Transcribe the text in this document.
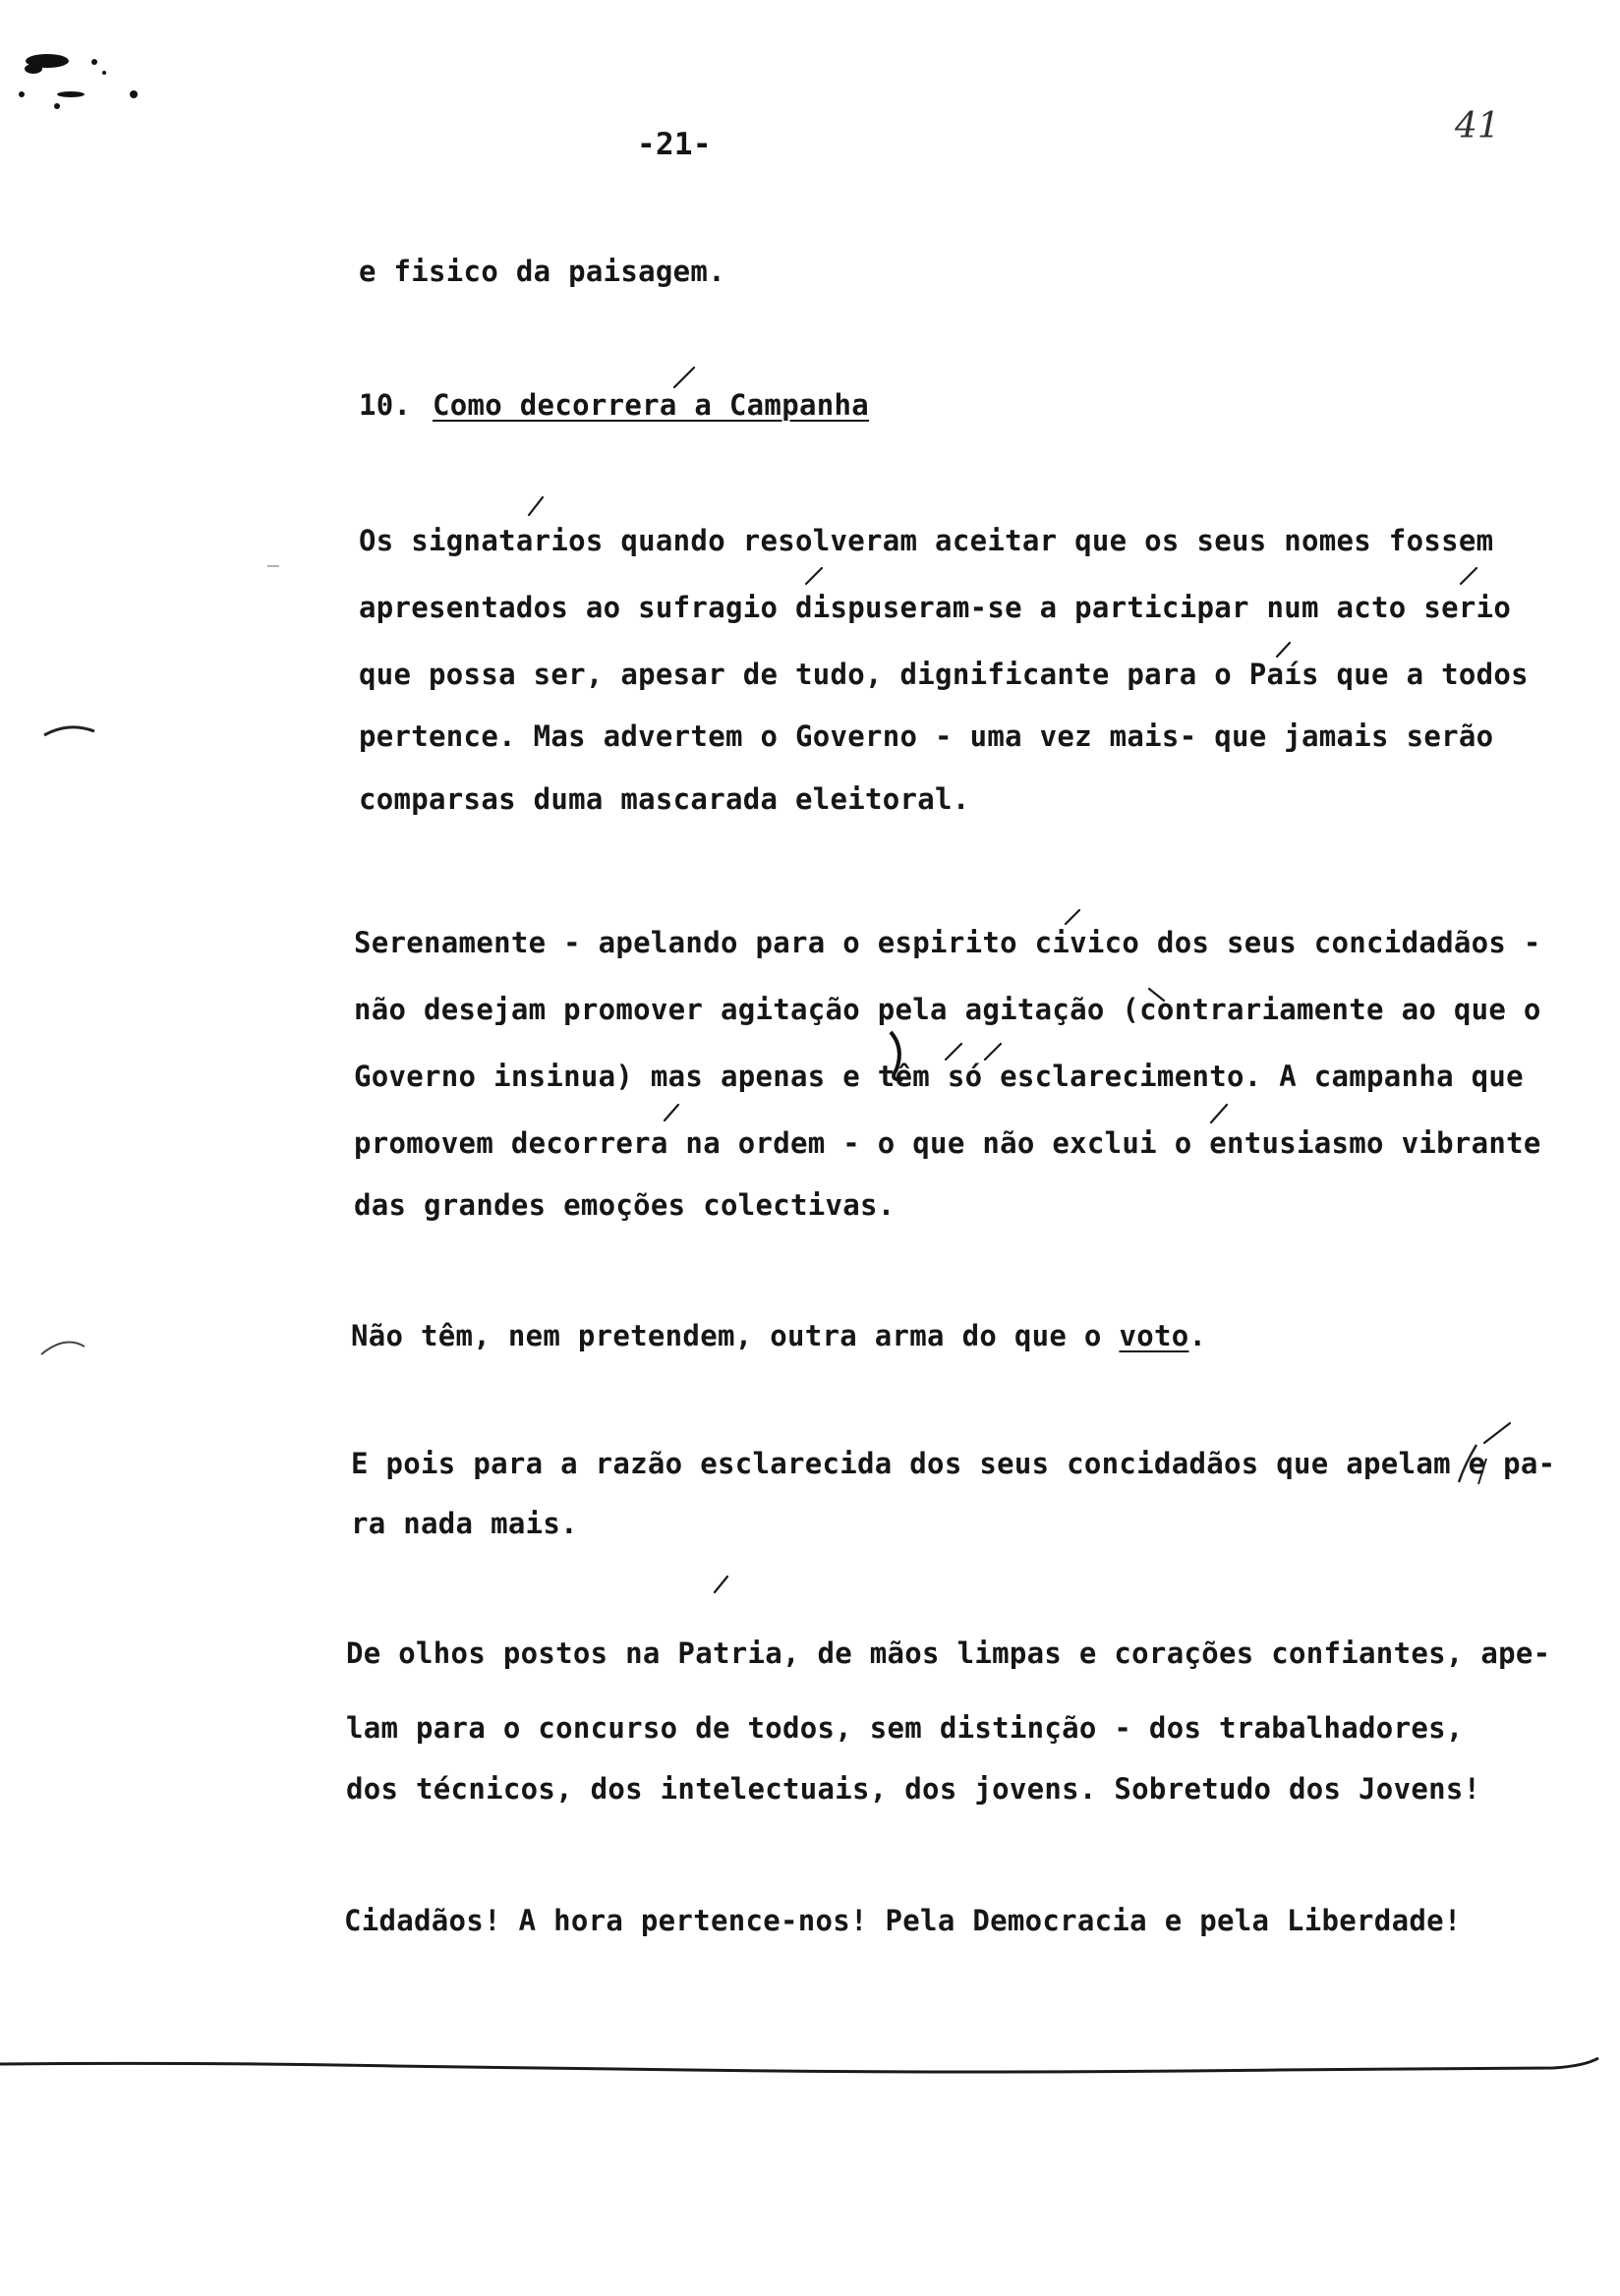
-21-	41
e fisico da paisagem.
10. Como decorrera a Campanha
Os signatarios quando resolveram aceitar que os seus nomes fossem
apresentados ao sufragio dispuseram-se a participar num acto serio
que possa ser, apesar de tudo, dignificante para o País que a todos
pertence. Mas advertem o Governo - uma vez mais- que jamais serão
comparsas duma mascarada eleitoral.
Serenamente - apelando para o espirito civico dos seus concidadãos -
não desejam promover agitação pela agitação (contrariamente ao que o
Governo insinua) mas apenas e têm só esclarecimento. A campanha que
promovem decorrera na ordem - o que não exclui o entusiasmo vibrante
das grandes emoções colectivas.
Não têm, nem pretendem, outra arma do que o voto.
E pois para a razão esclarecida dos seus concidadãos que apelam e pa-
ra nada mais.
De olhos postos na Patria, de mãos limpas e corações confiantes, ape-
lam para o concurso de todos, sem distinção - dos trabalhadores,
dos técnicos, dos intelectuais, dos jovens. Sobretudo dos Jovens!
Cidadãos! A hora pertence-nos! Pela Democracia e pela Liberdade!
